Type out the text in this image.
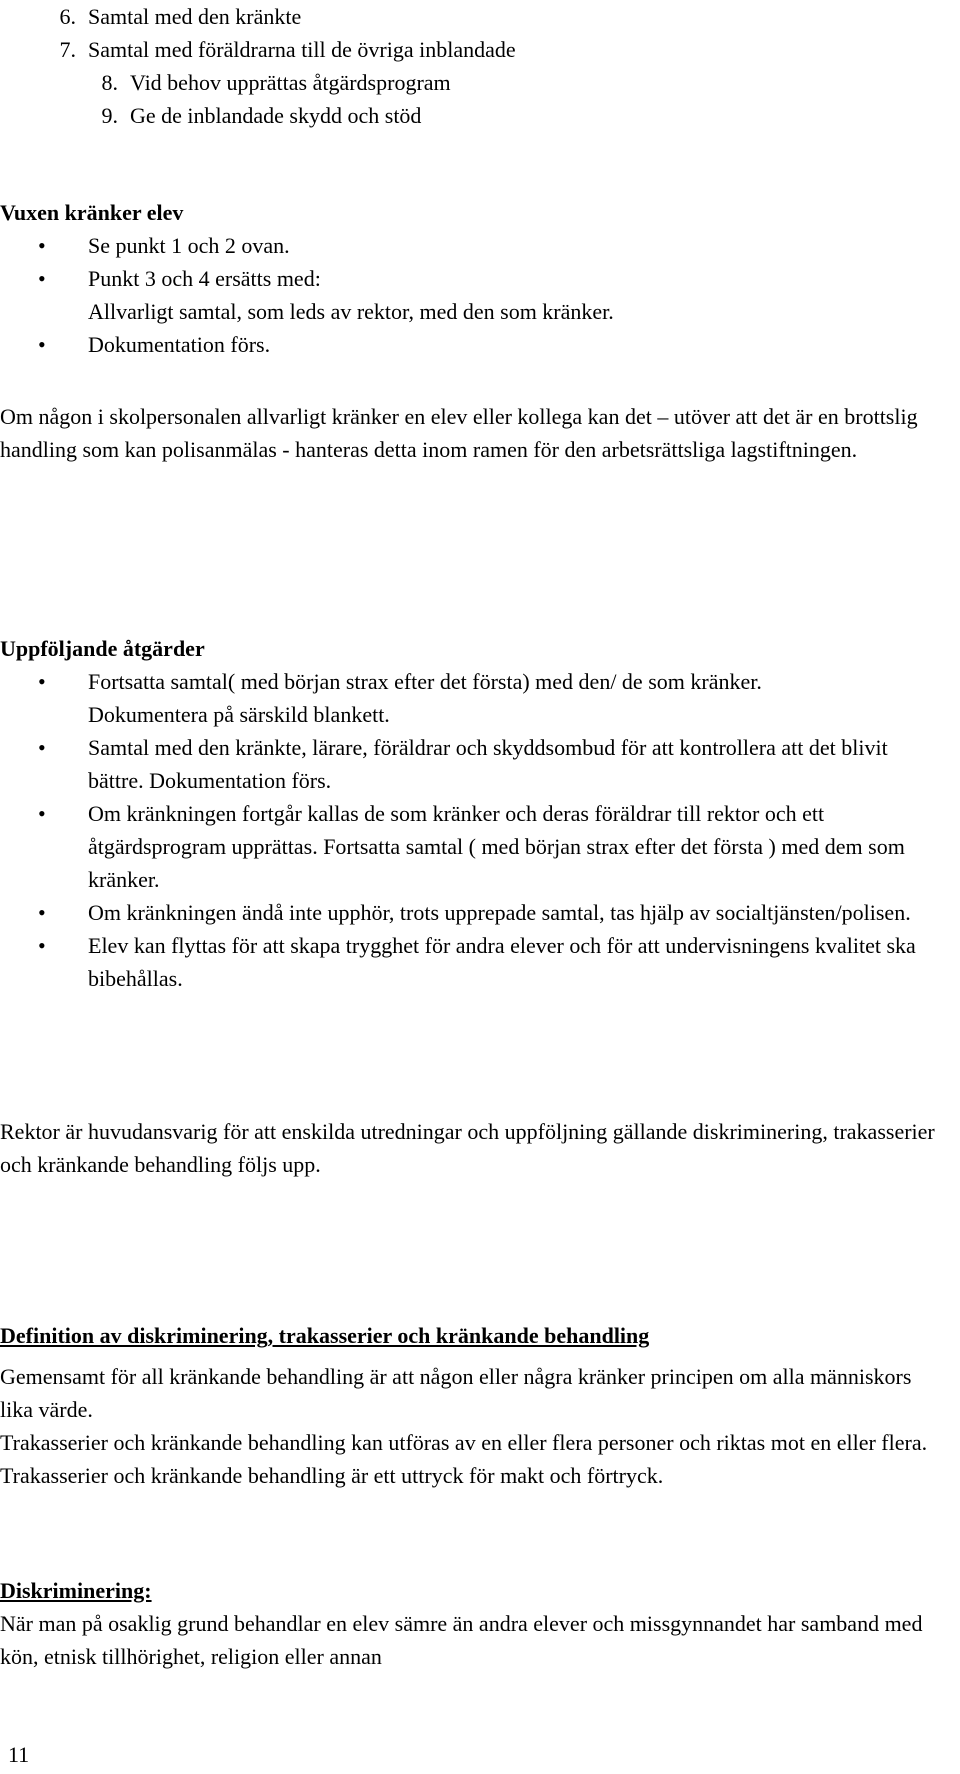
6. Samtal med den kränkte
7. Samtal med föräldrarna till de övriga inblandade
8. Vid behov upprättas åtgärdsprogram
9. Ge de inblandade skydd och stöd
Vuxen kränker elev
• Se punkt 1 och 2 ovan.
• Punkt 3 och 4 ersätts med:
Allvarligt samtal, som leds av rektor, med den som kränker.
• Dokumentation förs.

Om någon i skolpersonalen allvarligt kränker en elev eller kollega kan det – utöver att det är en brottslig handling som kan polisanmälas - hanteras detta inom ramen för den arbetsrättsliga lagstiftningen.

Uppföljande åtgärder
• Fortsatta samtal( med början strax efter det första) med den/ de som kränker.
Dokumentera på särskild blankett.
• Samtal med den kränkte, lärare, föräldrar och skyddsombud för att kontrollera att det blivit bättre. Dokumentation förs.
• Om kränkningen fortgår kallas de som kränker och deras föräldrar till rektor och ett åtgärdsprogram upprättas. Fortsatta samtal ( med början strax efter det första ) med dem som kränker.
• Om kränkningen ändå inte upphör, trots upprepade samtal, tas hjälp av socialtjänsten/polisen.
• Elev kan flyttas för att skapa trygghet för andra elever och för att undervisningens kvalitet ska bibehållas.

Rektor är huvudansvarig för att enskilda utredningar och uppföljning gällande diskriminering, trakasserier och kränkande behandling följs upp.

Definition av diskriminering, trakasserier och kränkande behandling

Gemensamt för all kränkande behandling är att någon eller några kränker principen om alla människors lika värde.

Trakasserier och kränkande behandling kan utföras av en eller flera personer och riktas mot en eller flera.

Trakasserier och kränkande behandling är ett uttryck för makt och förtryck.

Diskriminering:

När man på osaklig grund behandlar en elev sämre än andra elever och missgynnandet har samband med kön, etnisk tillhörighet, religion eller annan

11
